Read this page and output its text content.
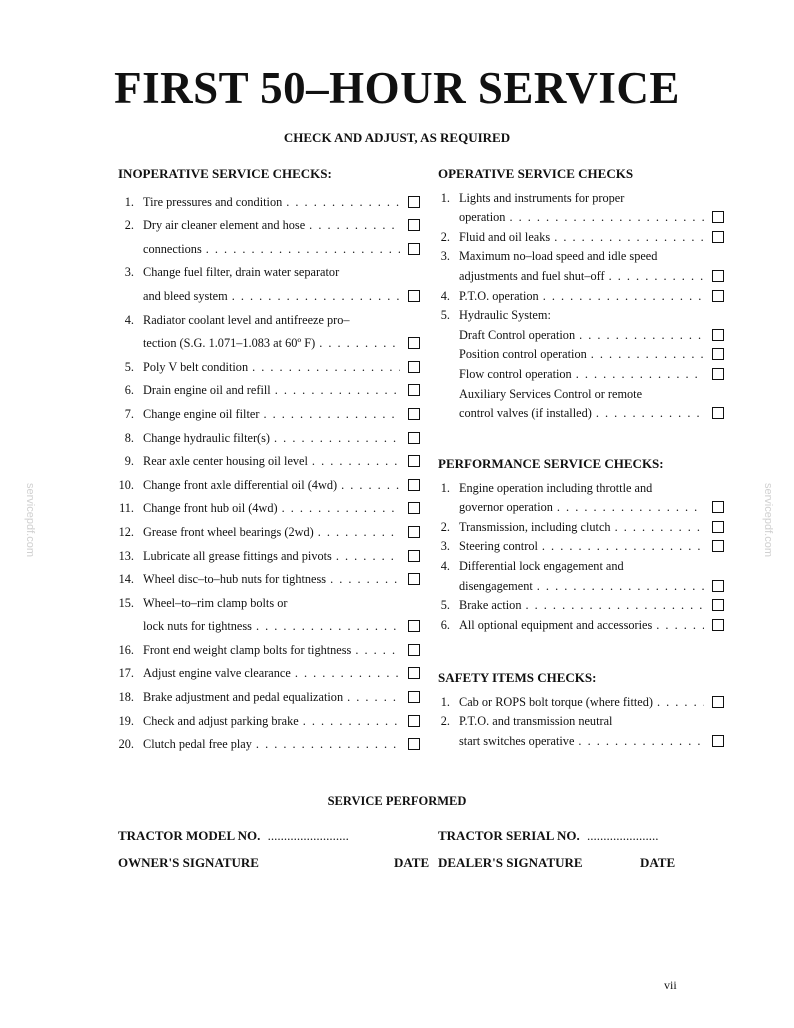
FIRST 50–HOUR SERVICE
CHECK AND ADJUST, AS REQUIRED
INOPERATIVE SERVICE CHECKS:
1. Tire pressures and condition
. . .
2. Dry air cleaner element and hose
. . .
connections
. . .
3. Change fuel filter, drain water separator
and bleed system
. . .
4. Radiator coolant level and antifreeze pro–
tection (S.G. 1.071–1.083 at 60º F)
. . .
5. Poly V belt condition
. . .
6. Drain engine oil and refill
. . .
7. Change engine oil filter
. . .
8. Change hydraulic filter(s)
. . .
9. Rear axle center housing oil level
. . .
10. Change front axle differential oil (4wd)
. . .
11. Change front hub oil (4wd)
. . .
12. Grease front wheel bearings (2wd)
. . .
13. Lubricate all grease fittings and pivots
. . .
14. Wheel disc–to–hub nuts for tightness
. . .
15. Wheel–to–rim clamp bolts or
lock nuts for tightness
. . .
16. Front end weight clamp bolts for tightness
. . .
17. Adjust engine valve clearance
. . .
18. Brake adjustment and pedal equalization
. . .
19. Check and adjust parking brake
. . .
20. Clutch pedal free play
. . .
OPERATIVE SERVICE CHECKS
1. Lights and instruments for proper
operation
. . .
2. Fluid and oil leaks
. . .
3. Maximum no–load speed and idle speed
adjustments and fuel shut–off
. . .
4. P.T.O. operation
. . .
5. Hydraulic System:
Draft Control operation
. . .
Position control operation
. . .
Flow control operation
. . .
Auxiliary Services Control or remote
control valves (if installed)
. . .
PERFORMANCE SERVICE CHECKS:
1. Engine operation including throttle and
governor operation
. . .
2. Transmission, including clutch
. . .
3. Steering control
. . .
4. Differential lock engagement and
disengagement
. . .
5. Brake action
. . .
6. All optional equipment and accessories
. . .
SAFETY ITEMS CHECKS:
1. Cab or ROPS bolt torque (where fitted)
. . .
2. P.T.O. and transmission neutral
start switches operative
. . .
SERVICE PERFORMED
TRACTOR MODEL NO. .........................	TRACTOR SERIAL NO. ......................
OWNER'S SIGNATURE	DATE DEALER'S SIGNATURE	DATE
vii
servicepdf.com	servicepdf.com
